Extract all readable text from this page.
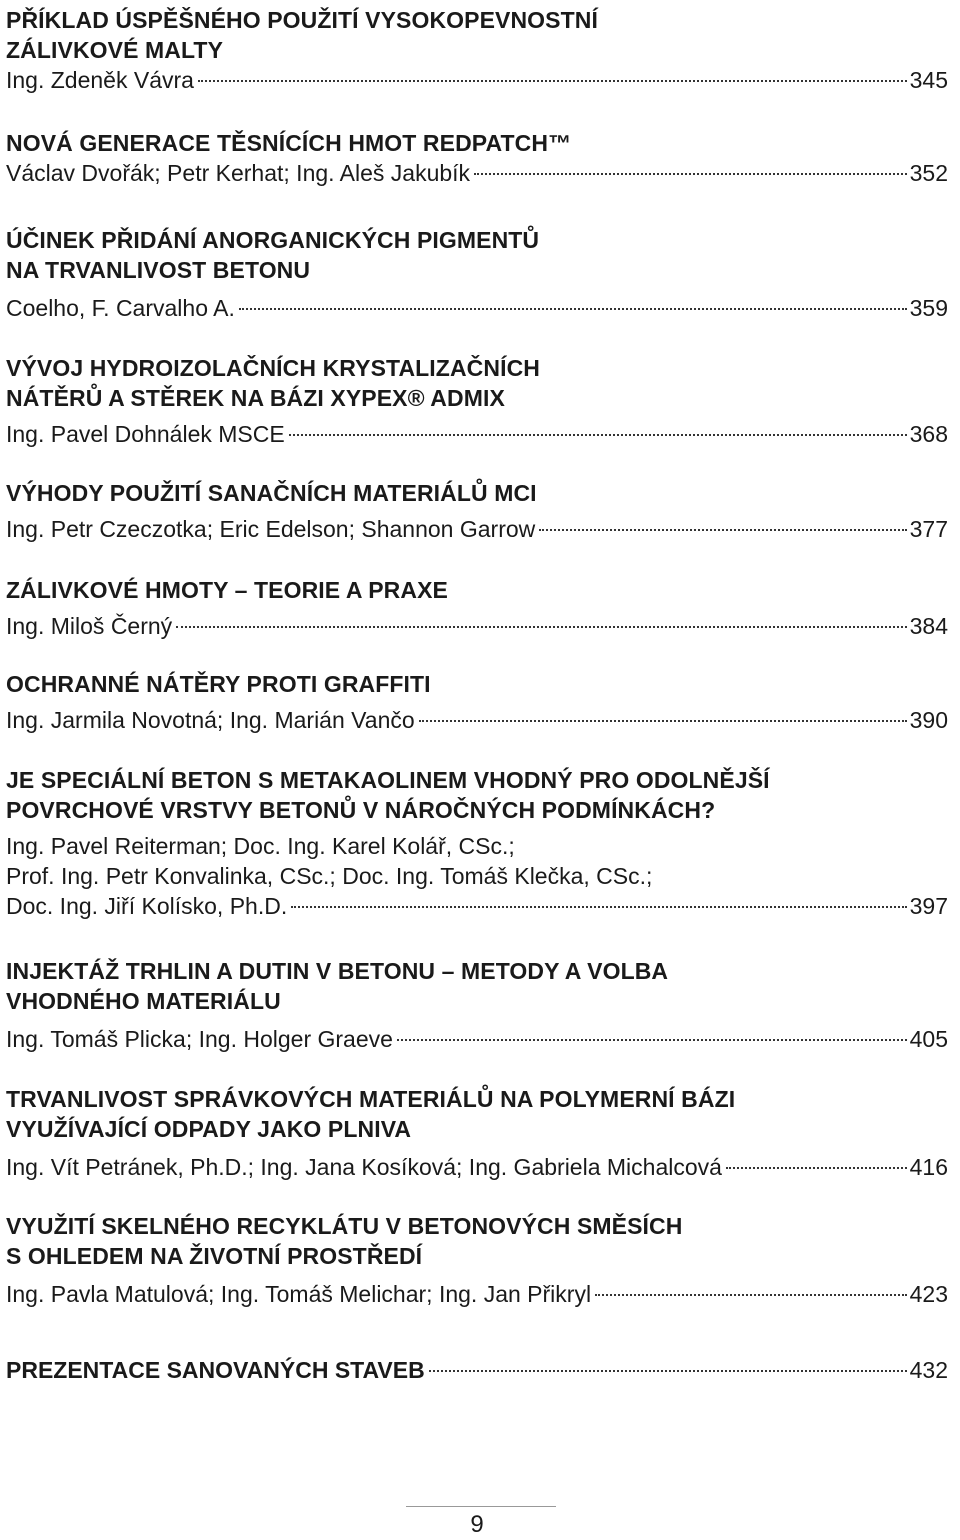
PŘÍKLAD ÚSPĚŠNÉHO POUŽITÍ VYSOKOPEVNOSTNÍ
ZÁLIVKOVÉ MALTY
Ing. Zdeněk Vávra	345
NOVÁ GENERACE TĚSNÍCÍCH HMOT REDPATCH™
Václav Dvořák; Petr Kerhat; Ing. Aleš Jakubík	352
ÚČINEK PŘIDÁNÍ ANORGANICKÝCH PIGMENTŮ
NA TRVANLIVOST BETONU
Coelho, F. Carvalho A.	359
VÝVOJ HYDROIZOLAČNÍCH KRYSTALIZAČNÍCH
NÁTĚRŮ A STĚREK NA BÁZI XYPEX® ADMIX
Ing. Pavel Dohnálek MSCE	368
VÝHODY POUŽITÍ SANAČNÍCH MATERIÁLŮ MCI
Ing. Petr Czeczotka; Eric Edelson; Shannon Garrow	377
ZÁLIVKOVÉ HMOTY – TEORIE A PRAXE
Ing. Miloš Černý	384
OCHRANNÉ NÁTĚRY PROTI GRAFFITI
Ing. Jarmila Novotná; Ing. Marián Vančo	390
JE SPECIÁLNÍ BETON S METAKAOLINEM VHODNÝ PRO ODOLNĚJŠÍ
POVRCHOVÉ VRSTVY BETONŮ V NÁROČNÝCH PODMÍNKÁCH?
Ing. Pavel Reiterman; Doc. Ing. Karel Kolář, CSc.;
Prof. Ing. Petr Konvalinka, CSc.; Doc. Ing. Tomáš Klečka, CSc.;
Doc. Ing. Jiří Kolísko, Ph.D.	397
INJEKTÁŽ TRHLIN A DUTIN V BETONU – METODY A VOLBA
VHODNÉHO MATERIÁLU
Ing. Tomáš Plicka; Ing. Holger Graeve	405
TRVANLIVOST SPRÁVKOVÝCH MATERIÁLŮ NA POLYMERNÍ BÁZI
VYUŽÍVAJÍCÍ ODPADY JAKO PLNIVA
Ing. Vít Petránek, Ph.D.; Ing. Jana Kosíková; Ing. Gabriela Michalcová	416
VYUŽITÍ SKELNÉHO RECYKLÁTU V BETONOVÝCH SMĚSÍCH
S OHLEDEM NA ŽIVOTNÍ PROSTŘEDÍ
Ing. Pavla Matulová; Ing. Tomáš Melichar; Ing. Jan Přikryl	423
PREZENTACE SANOVANÝCH STAVEB	432
9
